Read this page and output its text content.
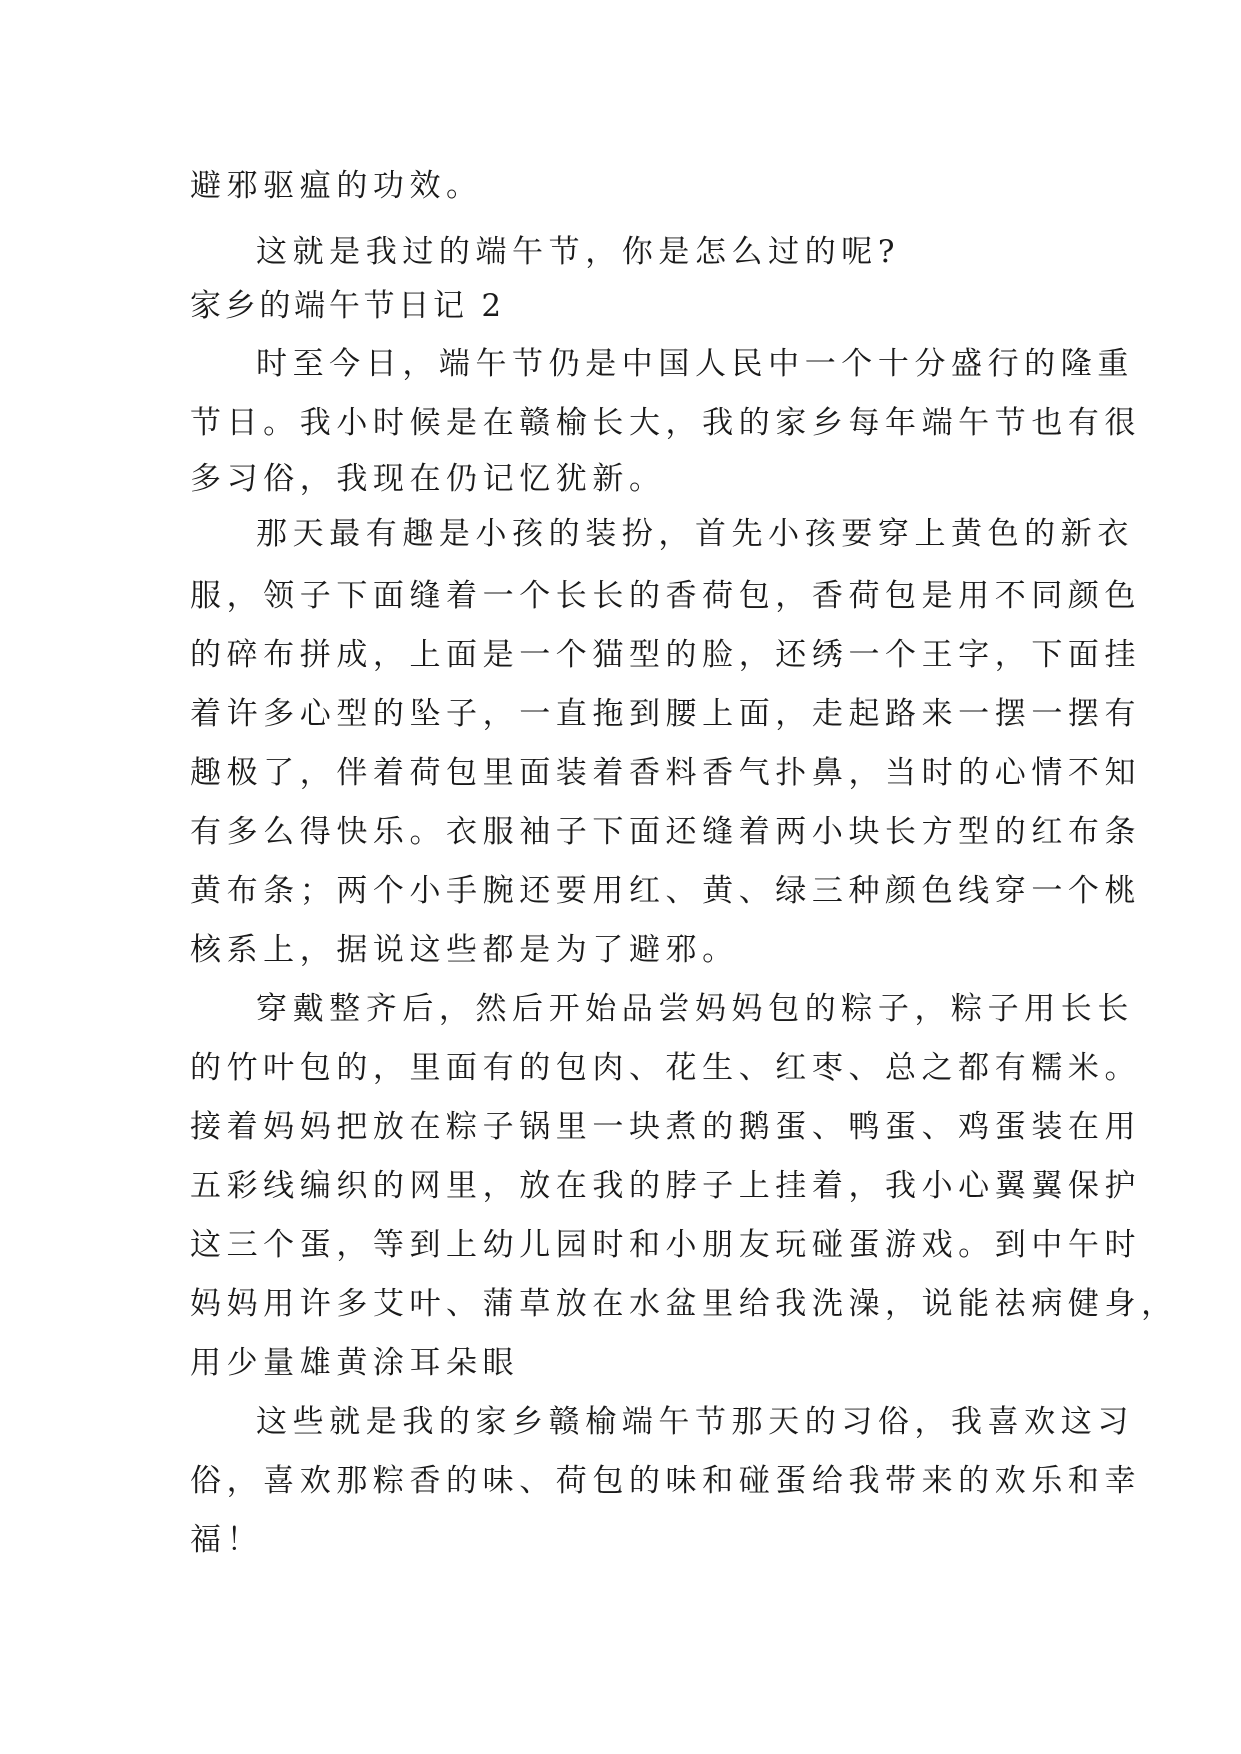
避邪驱瘟的功效。

这就是我过的端午节，你是怎么过的呢?

家乡的端午节日记 2

时至今日，端午节仍是中国人民中一个十分盛行的隆重

节日。我小时候是在赣榆长大，我的家乡每年端午节也有很

多习俗，我现在仍记忆犹新。

那天最有趣是小孩的装扮，首先小孩要穿上黄色的新衣

服，领子下面缝着一个长长的香荷包，香荷包是用不同颜色

的碎布拼成，上面是一个猫型的脸，还绣一个王字，下面挂

着许多心型的坠子，一直拖到腰上面，走起路来一摆一摆有

趣极了，伴着荷包里面装着香料香气扑鼻，当时的心情不知

有多么得快乐。衣服袖子下面还缝着两小块长方型的红布条

黄布条；两个小手腕还要用红、黄、绿三种颜色线穿一个桃

核系上，据说这些都是为了避邪。

穿戴整齐后，然后开始品尝妈妈包的粽子，粽子用长长

的竹叶包的，里面有的包肉、花生、红枣、总之都有糯米。

接着妈妈把放在粽子锅里一块煮的鹅蛋、鸭蛋、鸡蛋装在用

五彩线编织的网里，放在我的脖子上挂着，我小心翼翼保护

这三个蛋，等到上幼儿园时和小朋友玩碰蛋游戏。到中午时

妈妈用许多艾叶、蒲草放在水盆里给我洗澡，说能祛病健身，

用少量雄黄涂耳朵眼

这些就是我的家乡赣榆端午节那天的习俗，我喜欢这习

俗，喜欢那粽香的味、荷包的味和碰蛋给我带来的欢乐和幸

福！
